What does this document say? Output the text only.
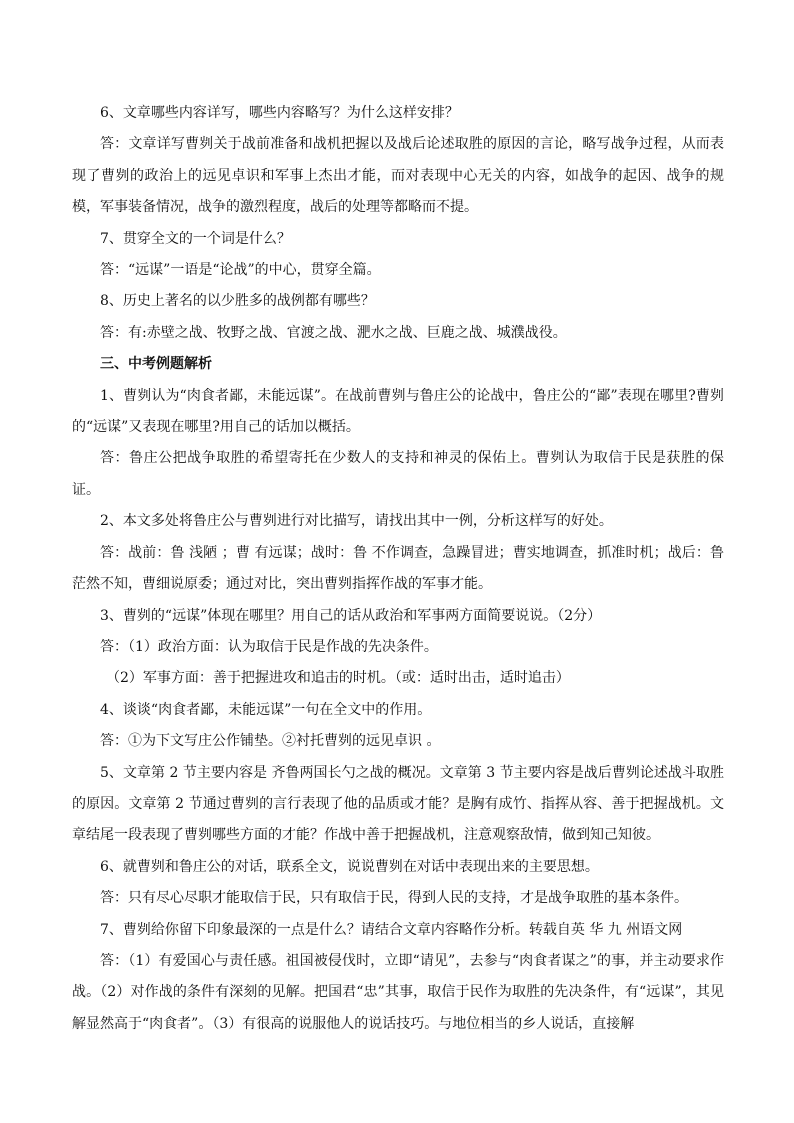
6、文章哪些内容详写，哪些内容略写？为什么这样安排？

答：文章详写曹刿关于战前准备和战机把握以及战后论述取胜的原因的言论，略写战争过程，从而表现了曹刿的政治上的远见卓识和军事上杰出才能，而对表现中心无关的内容，如战争的起因、战争的规模，军事装备情况，战争的激烈程度，战后的处理等都略而不提。

7、贯穿全文的一个词是什么？

答：“远谋”一语是“论战”的中心，贯穿全篇。

8、历史上著名的以少胜多的战例都有哪些？

答：有:赤壁之战、牧野之战、官渡之战、淝水之战、巨鹿之战、城濮战役。

三、中考例题解析

1、曹刿认为“肉食者鄙，未能远谋”。在战前曹刿与鲁庄公的论战中，鲁庄公的“鄙”表现在哪里?曹刿的“远谋”又表现在哪里?用自己的话加以概括。

答：鲁庄公把战争取胜的希望寄托在少数人的支持和神灵的保佑上。曹刿认为取信于民是获胜的保证。

2、本文多处将鲁庄公与曹刿进行对比描写，请找出其中一例，分析这样写的好处。

答：战前：鲁 浅陋 ；曹 有远谋；战时：鲁 不作调查，急躁冒进；曹实地调查，抓准时机；战后：鲁茫然不知，曹细说原委；通过对比，突出曹刿指挥作战的军事才能。

3、曹刿的“远谋”体现在哪里？用自己的话从政治和军事两方面简要说说。（2分）

答：（1）政治方面：认为取信于民是作战的先决条件。

（2）军事方面：善于把握进攻和追击的时机。（或：适时出击，适时追击）

4、谈谈“肉食者鄙，未能远谋”一句在全文中的作用。

答：①为下文写庄公作铺垫。②衬托曹刿的远见卓识 。

5、文章第 2 节主要内容是 齐鲁两国长勺之战的概况。文章第 3 节主要内容是战后曹刿论述战斗取胜的原因。文章第 2 节通过曹刿的言行表现了他的品质或才能？是胸有成竹、指挥从容、善于把握战机。文章结尾一段表现了曹刿哪些方面的才能？作战中善于把握战机，注意观察敌情，做到知己知彼。

6、就曹刿和鲁庄公的对话，联系全文，说说曹刿在对话中表现出来的主要思想。

答：只有尽心尽职才能取信于民，只有取信于民，得到人民的支持，才是战争取胜的基本条件。

7、曹刿给你留下印象最深的一点是什么？请结合文章内容略作分析。转载自英 华 九 州语文网

答：（1）有爱国心与责任感。祖国被侵伐时，立即“请见”，去参与“肉食者谋之”的事，并主动要求作战。（2）对作战的条件有深刻的见解。把国君“忠”其事，取信于民作为取胜的先决条件，有“远谋”，其见解显然高于“肉食者”。（3）有很高的说服他人的说话技巧。与地位相当的乡人说话，直接解
